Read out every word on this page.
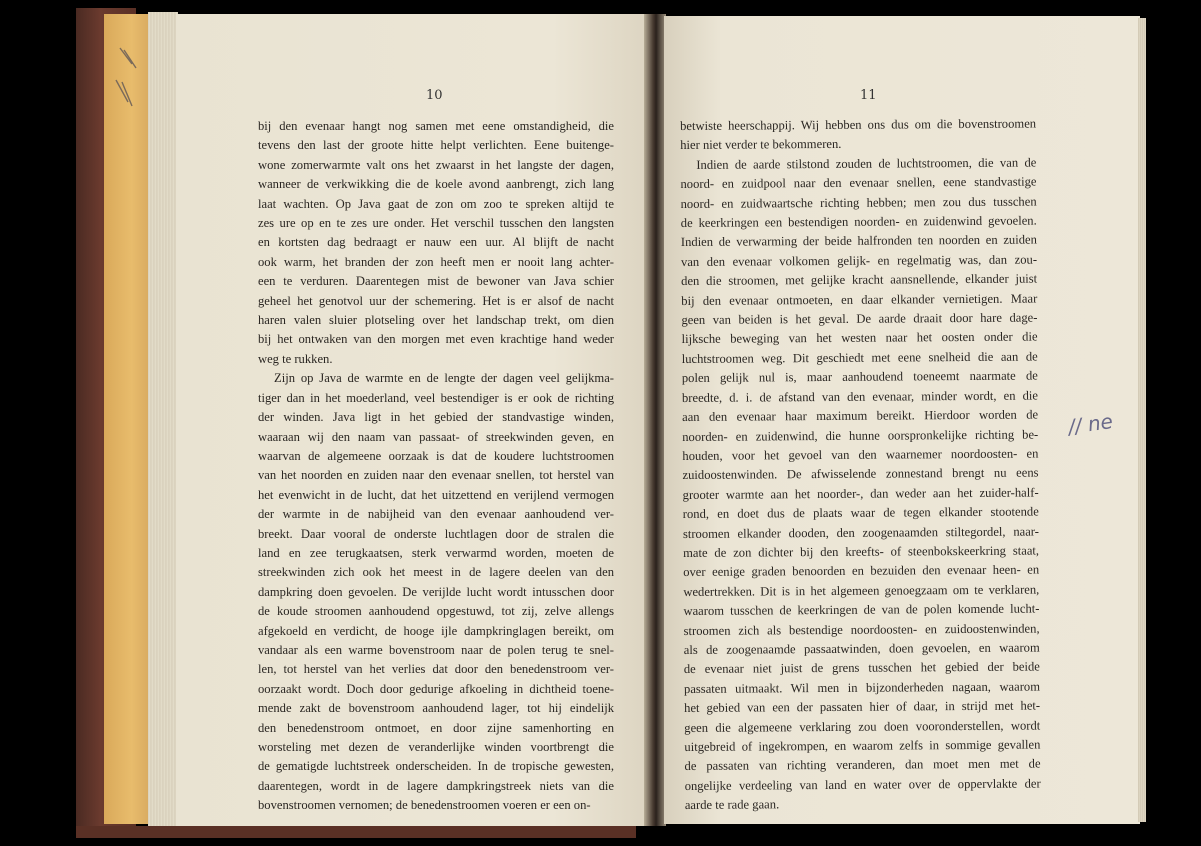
10	11
bij den evenaar hangt nog samen met eene omstandigheid, die
tevens den last der groote hitte helpt verlichten. Eene buitenge-
wone zomerwarmte valt ons het zwaarst in het langste der dagen,
wanneer de verkwikking die de koele avond aanbrengt, zich lang
laat wachten. Op Java gaat de zon om zoo te spreken altijd te
zes ure op en te zes ure onder. Het verschil tusschen den langsten
en kortsten dag bedraagt er nauw een uur. Al blijft de nacht
ook warm, het branden der zon heeft men er nooit lang achter-
een te verduren. Daarentegen mist de bewoner van Java schier
geheel het genotvol uur der schemering. Het is er alsof de nacht
haren valen sluier plotseling over het landschap trekt, om dien
bij het ontwaken van den morgen met even krachtige hand weder
weg te rukken.
Zijn op Java de warmte en de lengte der dagen veel gelijkma-
tiger dan in het moederland, veel bestendiger is er ook de richting
der winden. Java ligt in het gebied der standvastige winden,
waaraan wij den naam van passaat- of streekwinden geven, en
waarvan de algemeene oorzaak is dat de koudere luchtstroomen
van het noorden en zuiden naar den evenaar snellen, tot herstel van
het evenwicht in de lucht, dat het uitzettend en verijlend vermogen
der warmte in de nabijheid van den evenaar aanhoudend ver-
breekt. Daar vooral de onderste luchtlagen door de stralen die
land en zee terugkaatsen, sterk verwarmd worden, moeten de
streekwinden zich ook het meest in de lagere deelen van den
dampkring doen gevoelen. De verijlde lucht wordt intusschen door
de koude stroomen aanhoudend opgestuwd, tot zij, zelve allengs
afgekoeld en verdicht, de hooge ijle dampkringlagen bereikt, om
vandaar als een warme bovenstroom naar de polen terug te snel-
len, tot herstel van het verlies dat door den benedenstroom ver-
oorzaakt wordt. Doch door gedurige afkoeling in dichtheid toene-
mende zakt de bovenstroom aanhoudend lager, tot hij eindelijk
den benedenstroom ontmoet, en door zijne samenhorting en
worsteling met dezen de veranderlijke winden voortbrengt die
de gematigde luchtstreek onderscheiden. In de tropische gewesten,
daarentegen, wordt in de lagere dampkringstreek niets van die
bovenstroomen vernomen; de benedenstroomen voeren er een on-
betwiste heerschappij. Wij hebben ons dus om die bovenstroomen
hier niet verder te bekommeren.
Indien de aarde stilstond zouden de luchtstroomen, die van de
noord- en zuidpool naar den evenaar snellen, eene standvastige
noord- en zuidwaartsche richting hebben; men zou dus tusschen
de keerkringen een bestendigen noorden- en zuidenwind gevoelen.
Indien de verwarming der beide halfronden ten noorden en zuiden
van den evenaar volkomen gelijk- en regelmatig was, dan zou-
den die stroomen, met gelijke kracht aansnellende, elkander juist
bij den evenaar ontmoeten, en daar elkander vernietigen. Maar
geen van beiden is het geval. De aarde draait door hare dage-
lijksche beweging van het westen naar het oosten onder die
luchtstroomen weg. Dit geschiedt met eene snelheid die aan de
polen gelijk nul is, maar aanhoudend toeneemt naarmate de
breedte, d. i. de afstand van den evenaar, minder wordt, en die
aan den evenaar haar maximum bereikt. Hierdoor worden de
noorden- en zuidenwind, die hunne oorspronkelijke richting be-
houden, voor het gevoel van den waarnemer noordoosten- en
zuidoostenwinden. De afwisselende zonnestand brengt nu eens
grooter warmte aan het noorder-, dan weder aan het zuider-half-
rond, en doet dus de plaats waar de tegen elkander stootende
stroomen elkander dooden, den zoogenaamden stiltegordel, naar-
mate de zon dichter bij den kreefts- of steenbokskeerkring staat,
over eenige graden benoorden en bezuiden den evenaar heen- en
wedertrekken. Dit is in het algemeen genoegzaam om te verklaren,
waarom tusschen de keerkringen de van de polen komende lucht-
stroomen zich als bestendige noordoosten- en zuidoostenwinden,
als de zoogenaamde passaatwinden, doen gevoelen, en waarom
de evenaar niet juist de grens tusschen het gebied der beide
passaten uitmaakt. Wil men in bijzonderheden nagaan, waarom
het gebied van een der passaten hier of daar, in strijd met het-
geen die algemeene verklaring zou doen vooronderstellen, wordt
uitgebreid of ingekrompen, en waarom zelfs in sommige gevallen
de passaten van richting veranderen, dan moet men met de
ongelijke verdeeling van land en water over de oppervlakte der
aarde te rade gaan.
// ne
